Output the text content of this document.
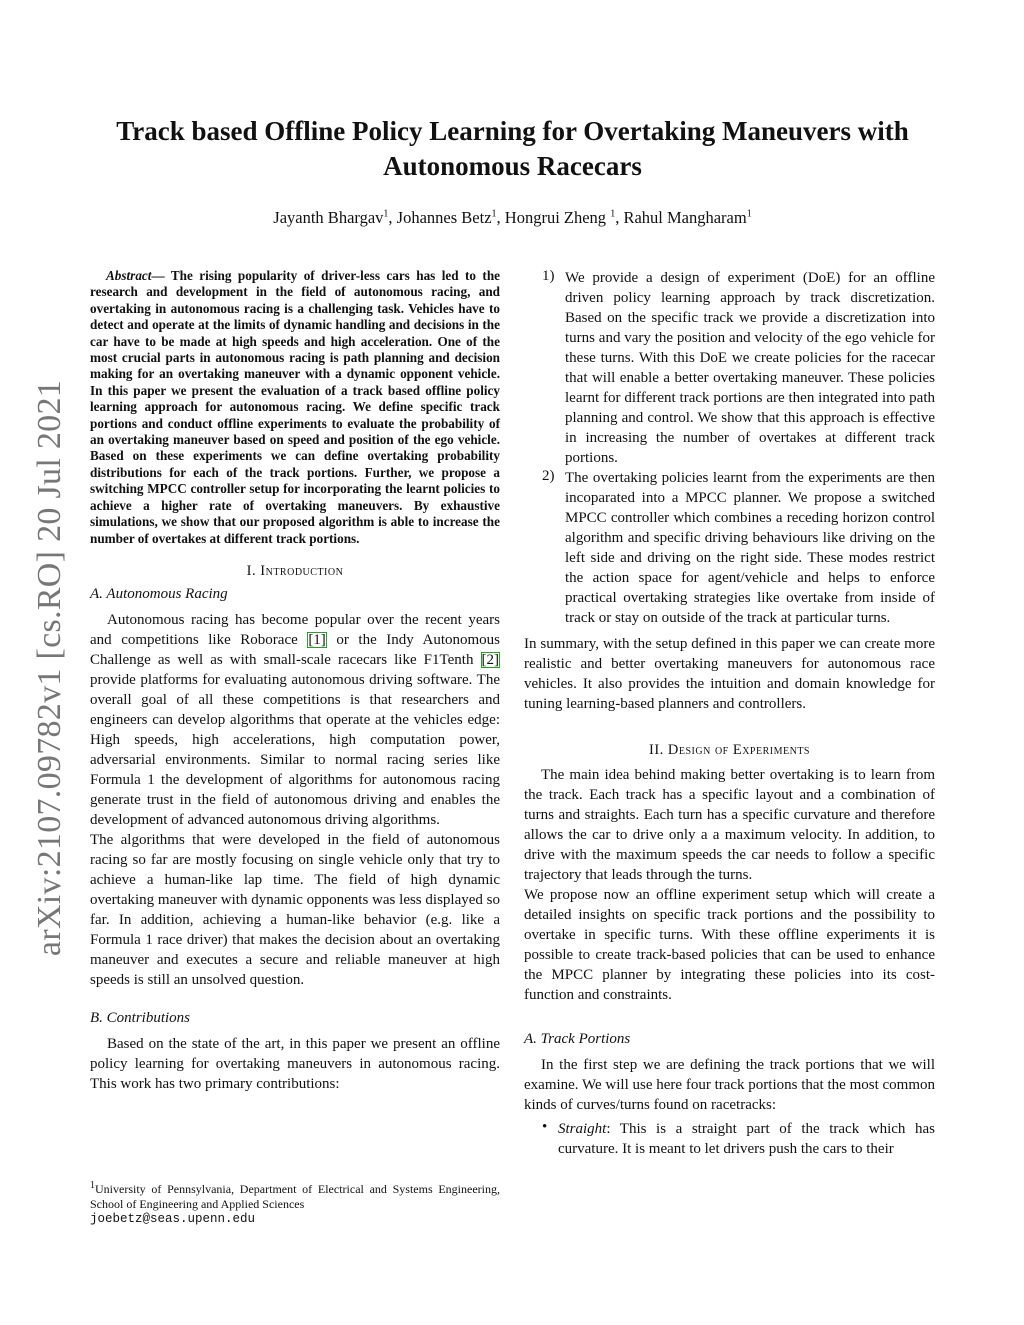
arXiv:2107.09782v1 [cs.RO] 20 Jul 2021
Track based Offline Policy Learning for Overtaking Maneuvers with Autonomous Racecars
Jayanth Bhargav$^1$, Johannes Betz$^1$, Hongrui Zheng $^1$, Rahul Mangharam$^1$

Abstract— The rising popularity of driver-less cars has led to the research and development in the field of autonomous racing, and overtaking in autonomous racing is a challenging task. Vehicles have to detect and operate at the limits of dynamic handling and decisions in the car have to be made at high speeds and high acceleration. One of the most crucial parts in autonomous racing is path planning and decision making for an overtaking maneuver with a dynamic opponent vehicle. In this paper we present the evaluation of a track based offline policy learning approach for autonomous racing. We define specific track portions and conduct offline experiments to evaluate the probability of an overtaking maneuver based on speed and position of the ego vehicle. Based on these experiments we can define overtaking probability distributions for each of the track portions. Further, we propose a switching MPCC controller setup for incorporating the learnt policies to achieve a higher rate of overtaking maneuvers. By exhaustive simulations, we show that our proposed algorithm is able to increase the number of overtakes at different track portions.

I. Introduction
A. Autonomous Racing

Autonomous racing has become popular over the recent years and competitions like Roborace [1] or the Indy Autonomous Challenge as well as with small-scale racecars like F1Tenth [2] provide platforms for evaluating autonomous driving software. The overall goal of all these competitions is that researchers and engineers can develop algorithms that operate at the vehicles edge: High speeds, high accelerations, high computation power, adversarial environments. Similar to normal racing series like Formula 1 the development of algorithms for autonomous racing generate trust in the field of autonomous driving and enables the development of advanced autonomous driving algorithms.

The algorithms that were developed in the field of autonomous racing so far are mostly focusing on single vehicle only that try to achieve a human-like lap time. The field of high dynamic overtaking maneuver with dynamic opponents was less displayed so far. In addition, achieving a human-like behavior (e.g. like a Formula 1 race driver) that makes the decision about an overtaking maneuver and executes a secure and reliable maneuver at high speeds is still an unsolved question.

B. Contributions

Based on the state of the art, in this paper we present an offline policy learning for overtaking maneuvers in autonomous racing. This work has two primary contributions:

$^1$University of Pennsylvania, Department of Electrical and Systems Engineering, School of Engineering and Applied Sciences
joebetz@seas.upenn.edu
1) We provide a design of experiment (DoE) for an offline driven policy learning approach by track discretization. Based on the specific track we provide a discretization into turns and vary the position and velocity of the ego vehicle for these turns. With this DoE we create policies for the racecar that will enable a better overtaking maneuver. These policies learnt for different track portions are then integrated into path planning and control. We show that this approach is effective in increasing the number of overtakes at different track portions.

2) The overtaking policies learnt from the experiments are then incoparated into a MPCC planner. We propose a switched MPCC controller which combines a receding horizon control algorithm and specific driving behaviours like driving on the left side and driving on the right side. These modes restrict the action space for agent/vehicle and helps to enforce practical overtaking strategies like overtake from inside of track or stay on outside of the track at particular turns.

In summary, with the setup defined in this paper we can create more realistic and better overtaking maneuvers for autonomous race vehicles. It also provides the intuition and domain knowledge for tuning learning-based planners and controllers.

II. Design of Experiments

The main idea behind making better overtaking is to learn from the track. Each track has a specific layout and a combination of turns and straights. Each turn has a specific curvature and therefore allows the car to drive only a a maximum velocity. In addition, to drive with the maximum speeds the car needs to follow a specific trajectory that leads through the turns.

We propose now an offline experiment setup which will create a detailed insights on specific track portions and the possibility to overtake in specific turns. With these offline experiments it is possible to create track-based policies that can be used to enhance the MPCC planner by integrating these policies into its cost-function and constraints.

A. Track Portions

In the first step we are defining the track portions that we will examine. We will use here four track portions that the most common kinds of curves/turns found on racetracks:

• Straight: This is a straight part of the track which has curvature. It is meant to let drivers push the cars to their
